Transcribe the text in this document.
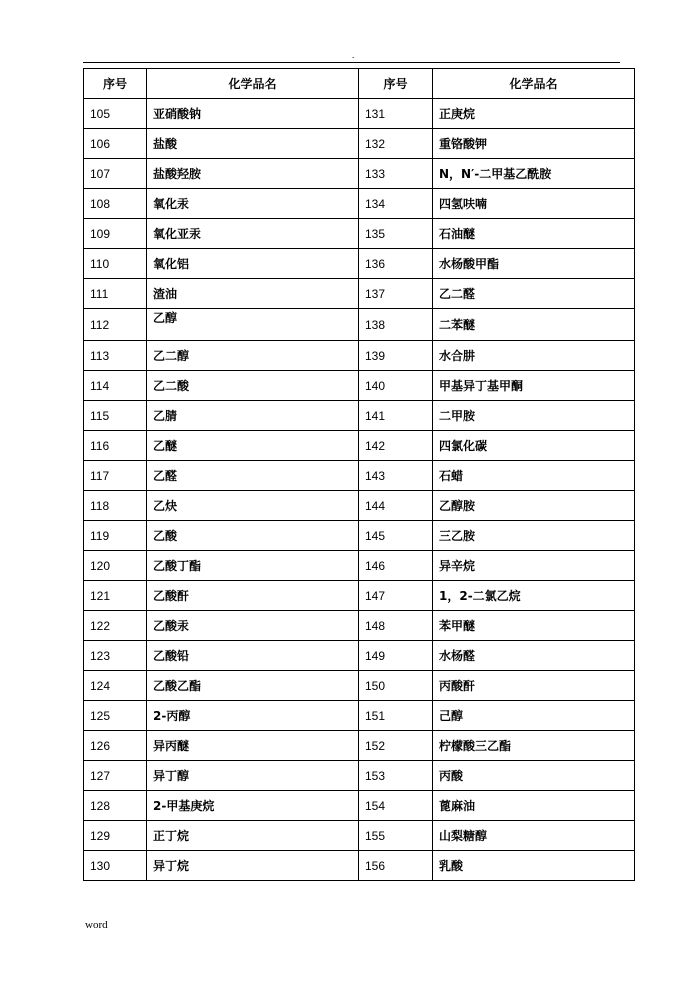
.
序号	化学品名	序号	化学品名
105	亚硝酸钠	131	正庚烷
106	盐酸	132	重铬酸钾
107	盐酸羟胺	133	N，N′-二甲基乙酰胺
108	氧化汞	134	四氢呋喃
109	氧化亚汞	135	石油醚
110	氧化铝	136	水杨酸甲酯
111	渣油	137	乙二醛
112	乙醇	138	二苯醚
113	乙二醇	139	水合肼
114	乙二酸	140	甲基异丁基甲酮
115	乙腈	141	二甲胺
116	乙醚	142	四氯化碳
117	乙醛	143	石蜡
118	乙炔	144	乙醇胺
119	乙酸	145	三乙胺
120	乙酸丁酯	146	异辛烷
121	乙酸酐	147	1，2-二氯乙烷
122	乙酸汞	148	苯甲醚
123	乙酸铅	149	水杨醛
124	乙酸乙酯	150	丙酸酐
125	2-丙醇	151	己醇
126	异丙醚	152	柠檬酸三乙酯
127	异丁醇	153	丙酸
128	2-甲基庚烷	154	蓖麻油
129	正丁烷	155	山梨糖醇
130	异丁烷	156	乳酸
word
